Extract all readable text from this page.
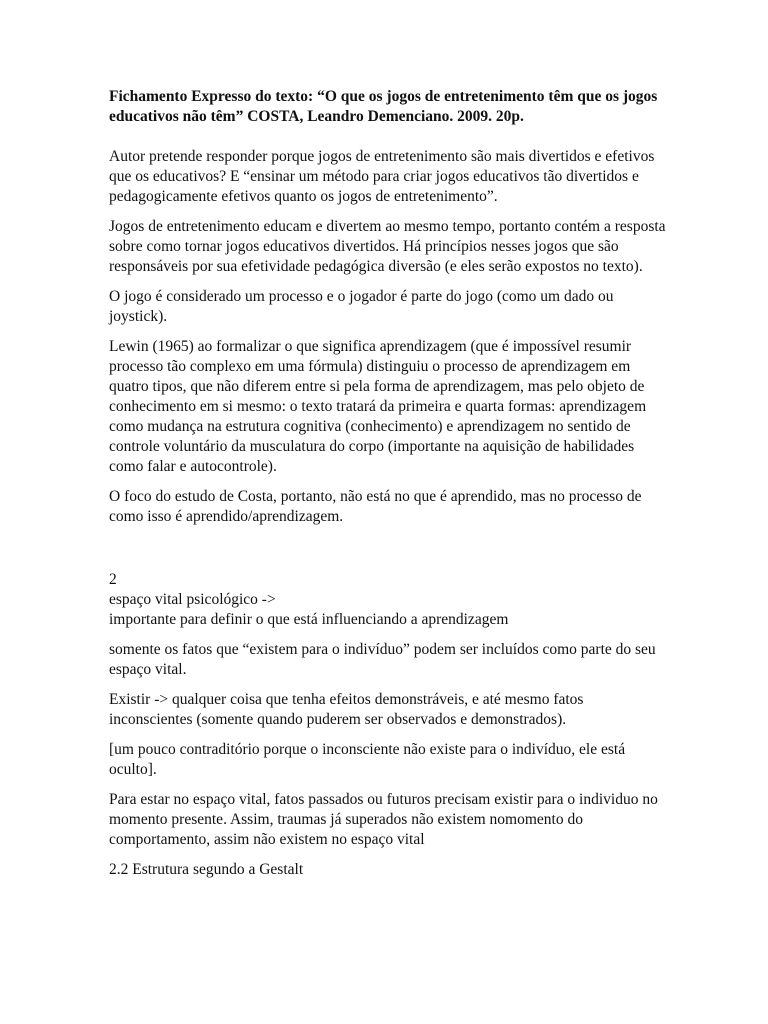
Fichamento Expresso do texto: “O que os jogos de entretenimento têm que os jogos educativos não têm” COSTA, Leandro Demenciano. 2009. 20p.

Autor pretende responder porque jogos de entretenimento são mais divertidos e efetivos que os educativos? E “ensinar um método para criar jogos educativos tão divertidos e pedagogicamente efetivos quanto os jogos de entretenimento”.

Jogos de entretenimento educam e divertem ao mesmo tempo, portanto contém a resposta sobre como tornar jogos educativos divertidos. Há princípios nesses jogos que são responsáveis por sua efetividade pedagógica diversão (e eles serão expostos no texto).

O jogo é considerado um processo e o jogador é parte do jogo (como um dado ou joystick).

Lewin (1965) ao formalizar o que significa aprendizagem (que é impossível resumir processo tão complexo em uma fórmula) distinguiu o processo de aprendizagem em quatro tipos, que não diferem entre si pela forma de aprendizagem, mas pelo objeto de conhecimento em si mesmo: o texto tratará da primeira e quarta formas: aprendizagem como mudança na estrutura cognitiva (conhecimento) e aprendizagem no sentido de controle voluntário da musculatura do corpo (importante na aquisição de habilidades como falar e autocontrole).

O foco do estudo de Costa, portanto, não está no que é aprendido, mas no processo de como isso é aprendido/aprendizagem.

2

espaço vital psicológico ->

importante para definir o que está influenciando a aprendizagem

somente os fatos que “existem para o indivíduo” podem ser incluídos como parte do seu espaço vital.

Existir -> qualquer coisa que tenha efeitos demonstráveis, e até mesmo fatos inconscientes (somente quando puderem ser observados e demonstrados).

[um pouco contraditório porque o inconsciente não existe para o indivíduo, ele está oculto].

Para estar no espaço vital, fatos passados ou futuros precisam existir para o individuo no momento presente. Assim, traumas já superados não existem nomomento do comportamento, assim não existem no espaço vital

2.2 Estrutura segundo a Gestalt
